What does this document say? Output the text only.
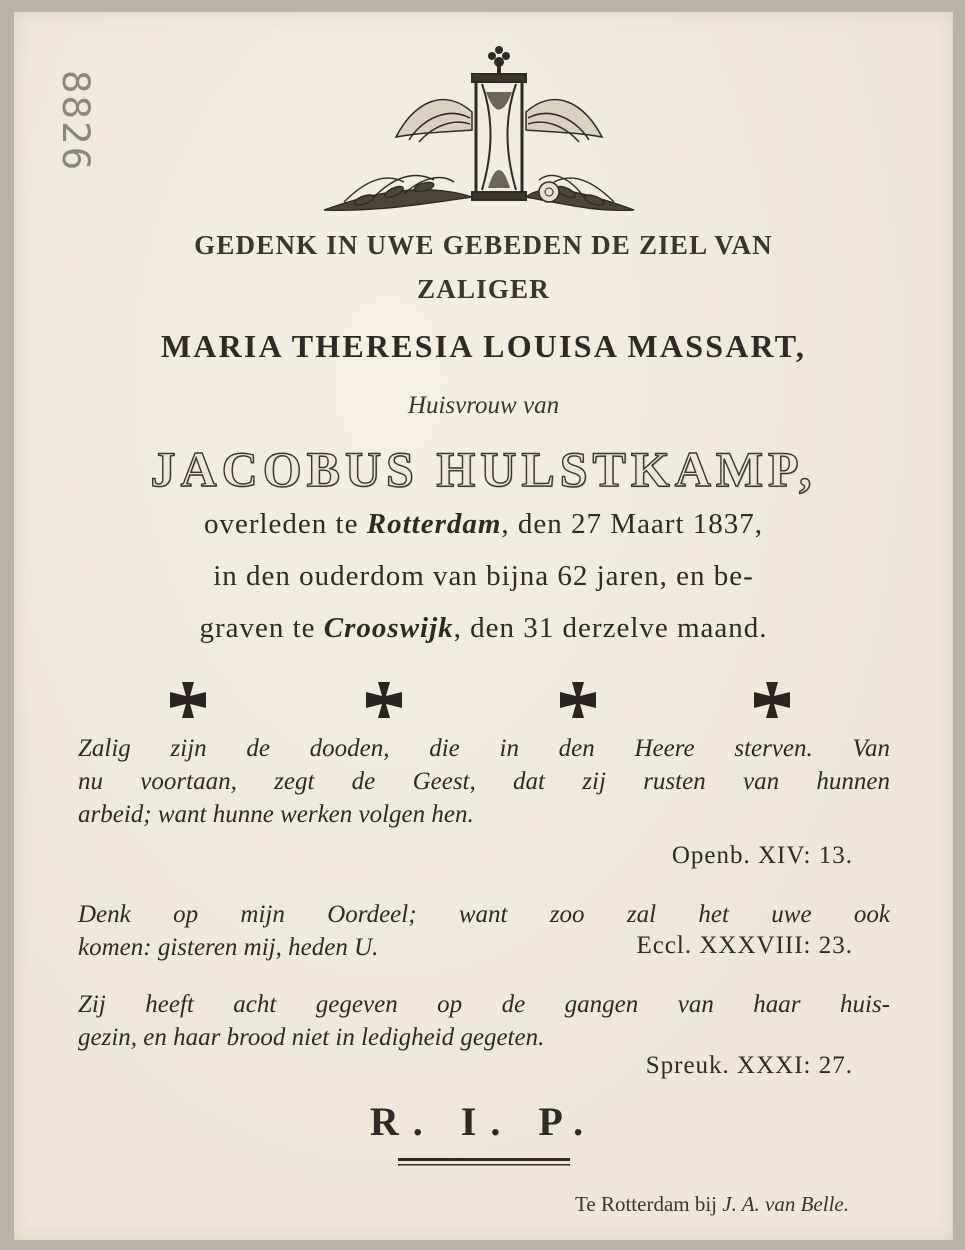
8826
GEDENK IN UWE GEBEDEN DE ZIEL VAN
ZALIGER
MARIA THERESIA LOUISA MASSART,
Huisvrouw van
JACOBUS HULSTKAMP,
overleden te Rotterdam, den 27 Maart 1837,
in den ouderdom van bijna 62 jaren, en be-
graven te Crooswijk, den 31 derzelve maand.
Zalig zijn de dooden, die in den Heere sterven. Van
nu voortaan, zegt de Geest, dat zij rusten van hunnen
arbeid; want hunne werken volgen hen.
Openb. XIV: 13.
Denk op mijn Oordeel; want zoo zal het uwe ook
komen: gisteren mij, heden U.	Eccl. XXXVIII: 23.
Zij heeft acht gegeven op de gangen van haar huis-
gezin, en haar brood niet in ledigheid gegeten.
Spreuk. XXXI: 27.
R. I. P.
Te Rotterdam bij J. A. van Belle.
